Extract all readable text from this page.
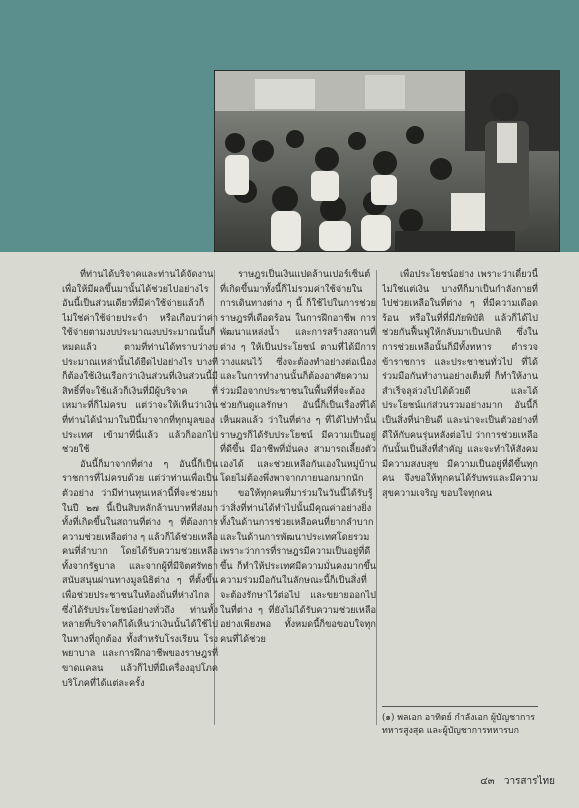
ที่ท่านได้บริจาคและท่านได้จัดงานเพื่อให้มีผลขึ้นมานั้นได้ช่วยไปอย่างไร อันนี้เป็นส่วนเดียวที่มีค่าใช้จ่ายแล้วก็ไม่ใช่ค่าใช้จ่ายประจำ หรือเกือบว่าค่าใช้จ่ายตามงบประมาณงบประมาณนั้นก็หมดแล้ว ตามที่ท่านได้ทราบว่างบประมาณเหล่านั้นได้ยืดไปอย่างไร บางทีก็ต้องใช้เงินเรือกว่าเงินส่วนที่เงินส่วนนี้มีสิทธิ์ที่จะใช้แล้วก็เงินที่มีผู้บริจาค ที่เหมาะที่ก็ไม่ครบ แต่ว่าจะให้เห็นว่าเงินที่ท่านได้นำมาในปีนี้มาจากที่ทุกมูลของประเทศ เข้ามาที่นี่แล้ว แล้วก็ออกไปช่วยใช้

อันนี้ก็มาจากที่ต่าง ๆ อันนี้ก็เป็นราชการที่ไม่ครบด้วย แต่ว่าท่านเพื่อเป็นตัวอย่าง ว่ามีท่านทุนเหล่านี้ที่จะช่วยมาในปี ๒๗ นี้เป็นสิบหลักล้านบาทที่ส่งมาทั้งที่เกิดขึ้นในสถานที่ต่าง ๆ ที่ต้องการความช่วยเหลือต่าง ๆ แล้วก็ได้ช่วยเหลือคนที่ลำบาก โดยได้รับความช่วยเหลือทั้งจากรัฐบาล และจากผู้ที่มีจิตศรัทธาสนับสนุนผ่านทางมูลนิธิต่าง ๆ ที่ตั้งขึ้นเพื่อช่วยประชาชนในท้องถิ่นที่ห่างไกล ซึ่งได้รับประโยชน์อย่างทั่วถึง ท่านทั้งหลายที่บริจาคก็ได้เห็นว่าเงินนั้นได้ใช้ไปในทางที่ถูกต้อง ทั้งสำหรับโรงเรียน โรงพยาบาล และการฝึกอาชีพของราษฎรที่ขาดแคลน แล้วก็ไปที่มีเครื่องอุปโภคบริโภคที่ได้แต่ละครั้ง

ราษฎรเป็นเงินแปดล้านเปอร์เซ็นต์ที่เกิดขึ้นมาทั้งนี้ก็ไม่รวมค่าใช้จ่ายในการเดินทางต่าง ๆ นี้ ก็ใช้ไปในการช่วยราษฎรที่เดือดร้อน ในการฝึกอาชีพ การพัฒนาแหล่งน้ำ และการสร้างสถานที่ต่าง ๆ ให้เป็นประโยชน์ ตามที่ได้มีการวางแผนไว้ ซึ่งจะต้องทำอย่างต่อเนื่อง และในการทำงานนั้นก็ต้องอาศัยความร่วมมือจากประชาชนในพื้นที่ที่จะต้องช่วยกันดูแลรักษา อันนี้ก็เป็นเรื่องที่ได้เห็นผลแล้ว ว่าในที่ต่าง ๆ ที่ได้ไปทำนั้น ราษฎรก็ได้รับประโยชน์ มีความเป็นอยู่ที่ดีขึ้น มีอาชีพที่มั่นคง สามารถเลี้ยงตัวเองได้ และช่วยเหลือกันเองในหมู่บ้าน โดยไม่ต้องพึ่งพาจากภายนอกมากนัก

ขอให้ทุกคนที่มาร่วมในวันนี้ได้รับรู้ว่าสิ่งที่ท่านได้ทำไปนั้นมีคุณค่าอย่างยิ่ง ทั้งในด้านการช่วยเหลือคนที่ยากลำบาก และในด้านการพัฒนาประเทศโดยรวม เพราะว่าการที่ราษฎรมีความเป็นอยู่ที่ดีขึ้น ก็ทำให้ประเทศมีความมั่นคงมากขึ้น ความร่วมมือกันในลักษณะนี้ก็เป็นสิ่งที่จะต้องรักษาไว้ต่อไป และขยายออกไปในที่ต่าง ๆ ที่ยังไม่ได้รับความช่วยเหลืออย่างเพียงพอ ทั้งหมดนี้ก็ขอขอบใจทุกคนที่ได้ช่วย

เพื่อประโยชน์อย่าง เพราะว่าเดี๋ยวนี้ไม่ใช่แต่เงิน บางทีก็มาเป็นกำลังกายที่ไปช่วยเหลือในที่ต่าง ๆ ที่มีความเดือดร้อน หรือในที่ที่มีภัยพิบัติ แล้วก็ได้ไปช่วยกันฟื้นฟูให้กลับมาเป็นปกติ ซึ่งในการช่วยเหลือนั้นก็มีทั้งทหาร ตำรวจ ข้าราชการ และประชาชนทั่วไป ที่ได้ร่วมมือกันทำงานอย่างเต็มที่ ก็ทำให้งานสำเร็จลุล่วงไปได้ด้วยดี และได้ประโยชน์แก่ส่วนรวมอย่างมาก อันนี้ก็เป็นสิ่งที่น่ายินดี และน่าจะเป็นตัวอย่างที่ดีให้กับคนรุ่นหลังต่อไป ว่าการช่วยเหลือกันนั้นเป็นสิ่งที่สำคัญ และจะทำให้สังคมมีความสงบสุข มีความเป็นอยู่ที่ดีขึ้นทุกคน จึงขอให้ทุกคนได้รับพรและมีความสุขความเจริญ ขอบใจทุกคน

(๑) พลเอก อาทิตย์ กำลังเอก ผู้บัญชาการทหารสูงสุด และผู้บัญชาการทหารบก
๔๓ วารสารไทย
